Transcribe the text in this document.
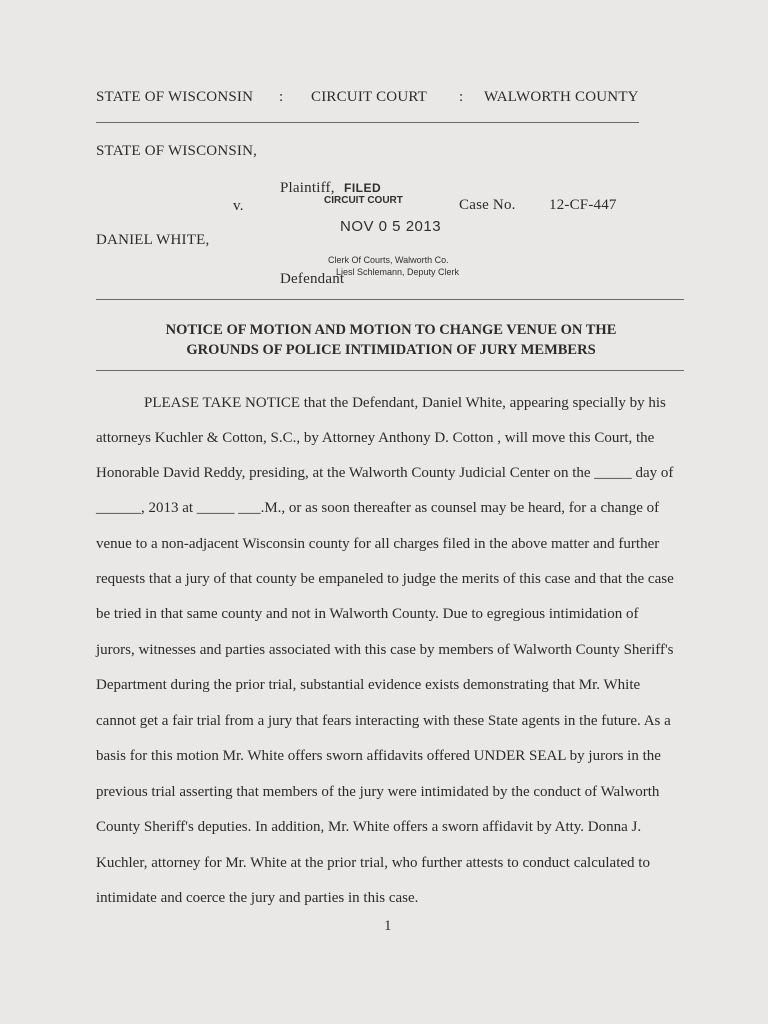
STATE OF WISCONSIN : CIRCUIT COURT : WALWORTH COUNTY
STATE OF WISCONSIN,
Plaintiff,
v.
DANIEL WHITE,
Defendant
Case No. 12-CF-447
FILED
CIRCUIT COURT
NOV 0 5 2013
Clerk Of Courts, Walworth Co.
Liesl Schlemann, Deputy Clerk
NOTICE OF MOTION AND MOTION TO CHANGE VENUE ON THE
GROUNDS OF POLICE INTIMIDATION OF JURY MEMBERS
PLEASE TAKE NOTICE that the Defendant, Daniel White, appearing specially by his
attorneys Kuchler & Cotton, S.C., by Attorney Anthony D. Cotton , will move this Court, the
Honorable David Reddy, presiding, at the Walworth County Judicial Center on the _____ day of
______, 2013 at _____ ___.M., or as soon thereafter as counsel may be heard, for a change of
venue to a non-adjacent Wisconsin county for all charges filed in the above matter and further
requests that a jury of that county be empaneled to judge the merits of this case and that the case
be tried in that same county and not in Walworth County. Due to egregious intimidation of
jurors, witnesses and parties associated with this case by members of Walworth County Sheriff's
Department during the prior trial, substantial evidence exists demonstrating that Mr. White
cannot get a fair trial from a jury that fears interacting with these State agents in the future. As a
basis for this motion Mr. White offers sworn affidavits offered UNDER SEAL by jurors in the
previous trial asserting that members of the jury were intimidated by the conduct of Walworth
County Sheriff's deputies. In addition, Mr. White offers a sworn affidavit by Atty. Donna J.
Kuchler, attorney for Mr. White at the prior trial, who further attests to conduct calculated to
intimidate and coerce the jury and parties in this case.
1
